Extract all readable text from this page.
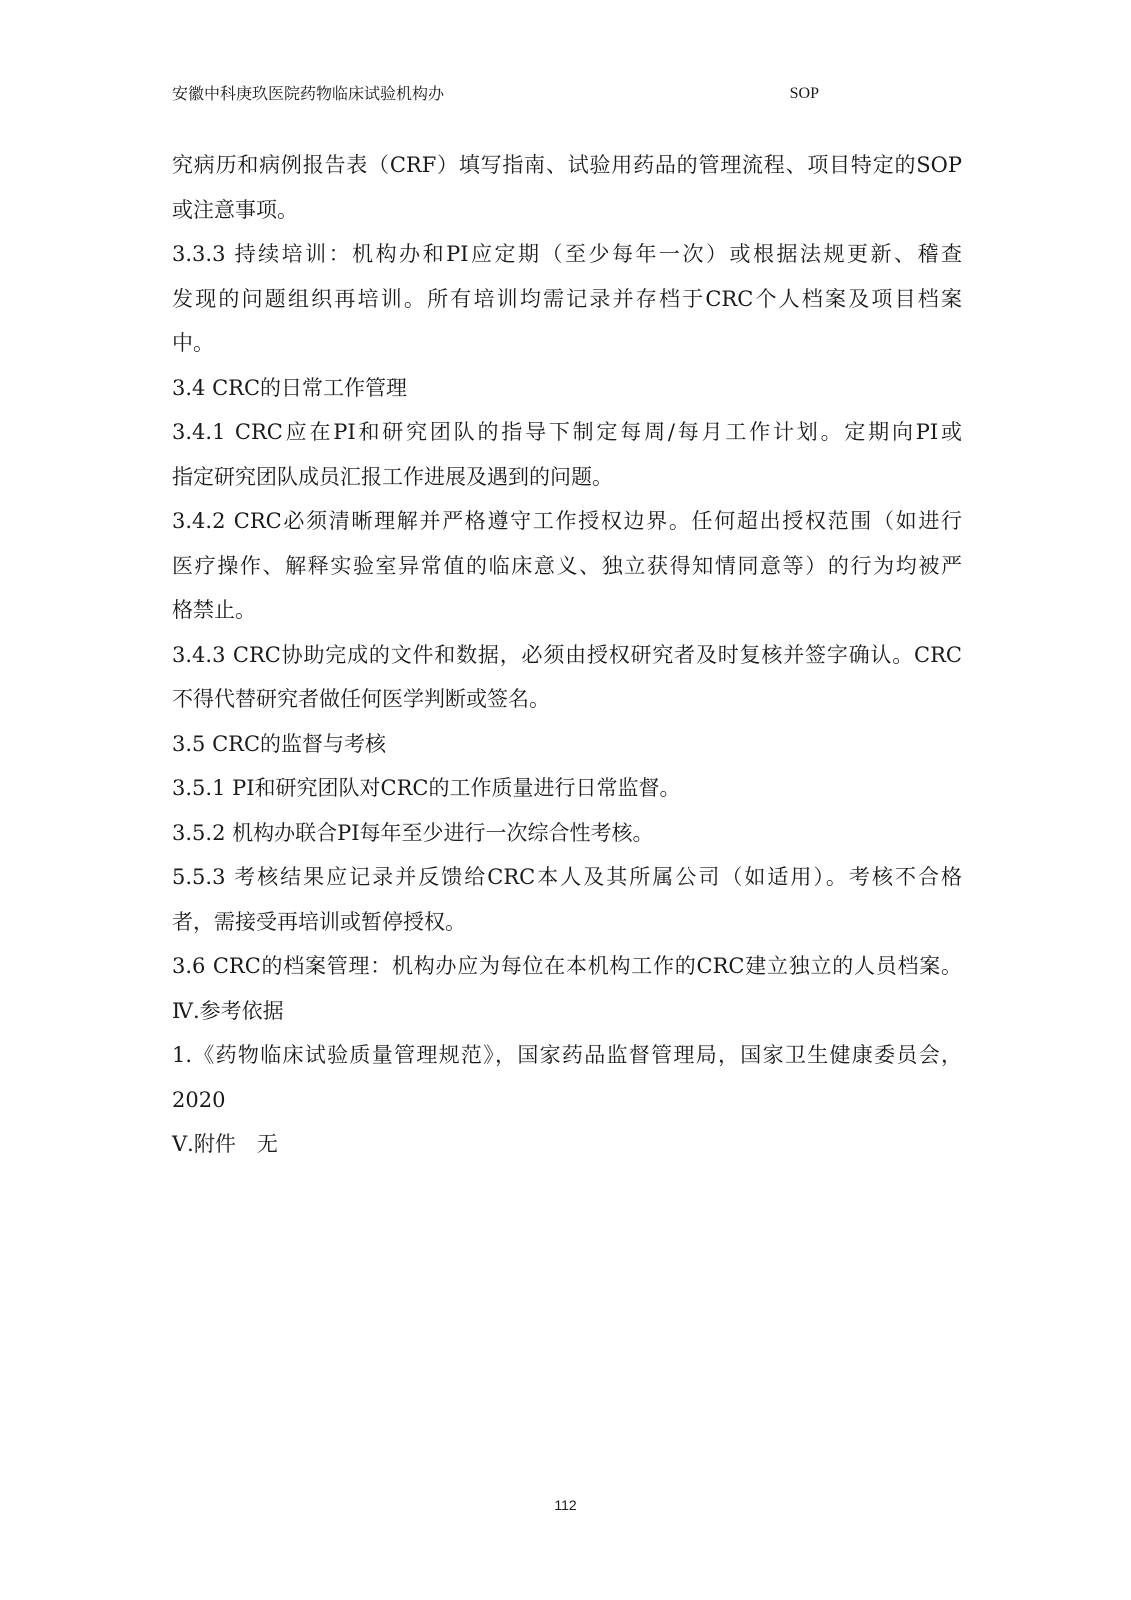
安徽中科庚玖医院药物临床试验机构办	SOP
究病历和病例报告表（CRF）填写指南、试验用药品的管理流程、项目特定的SOP
或注意事项。
3.3.3 持续培训：机构办和PI应定期（至少每年一次）或根据法规更新、稽查
发现的问题组织再培训。所有培训均需记录并存档于CRC个人档案及项目档案
中。
3.4 CRC的日常工作管理
3.4.1 CRC应在PI和研究团队的指导下制定每周/每月工作计划。定期向PI或
指定研究团队成员汇报工作进展及遇到的问题。
3.4.2 CRC必须清晰理解并严格遵守工作授权边界。任何超出授权范围（如进行
医疗操作、解释实验室异常值的临床意义、独立获得知情同意等）的行为均被严
格禁止。
3.4.3 CRC协助完成的文件和数据，必须由授权研究者及时复核并签字确认。CRC
不得代替研究者做任何医学判断或签名。
3.5 CRC的监督与考核
3.5.1 PI和研究团队对CRC的工作质量进行日常监督。
3.5.2 机构办联合PI每年至少进行一次综合性考核。
5.5.3 考核结果应记录并反馈给CRC本人及其所属公司（如适用）。考核不合格
者，需接受再培训或暂停授权。
3.6 CRC的档案管理：机构办应为每位在本机构工作的CRC建立独立的人员档案。
Ⅳ.参考依据
1.《药物临床试验质量管理规范》，国家药品监督管理局，国家卫生健康委员会，
2020
Ⅴ.附件　无
112
